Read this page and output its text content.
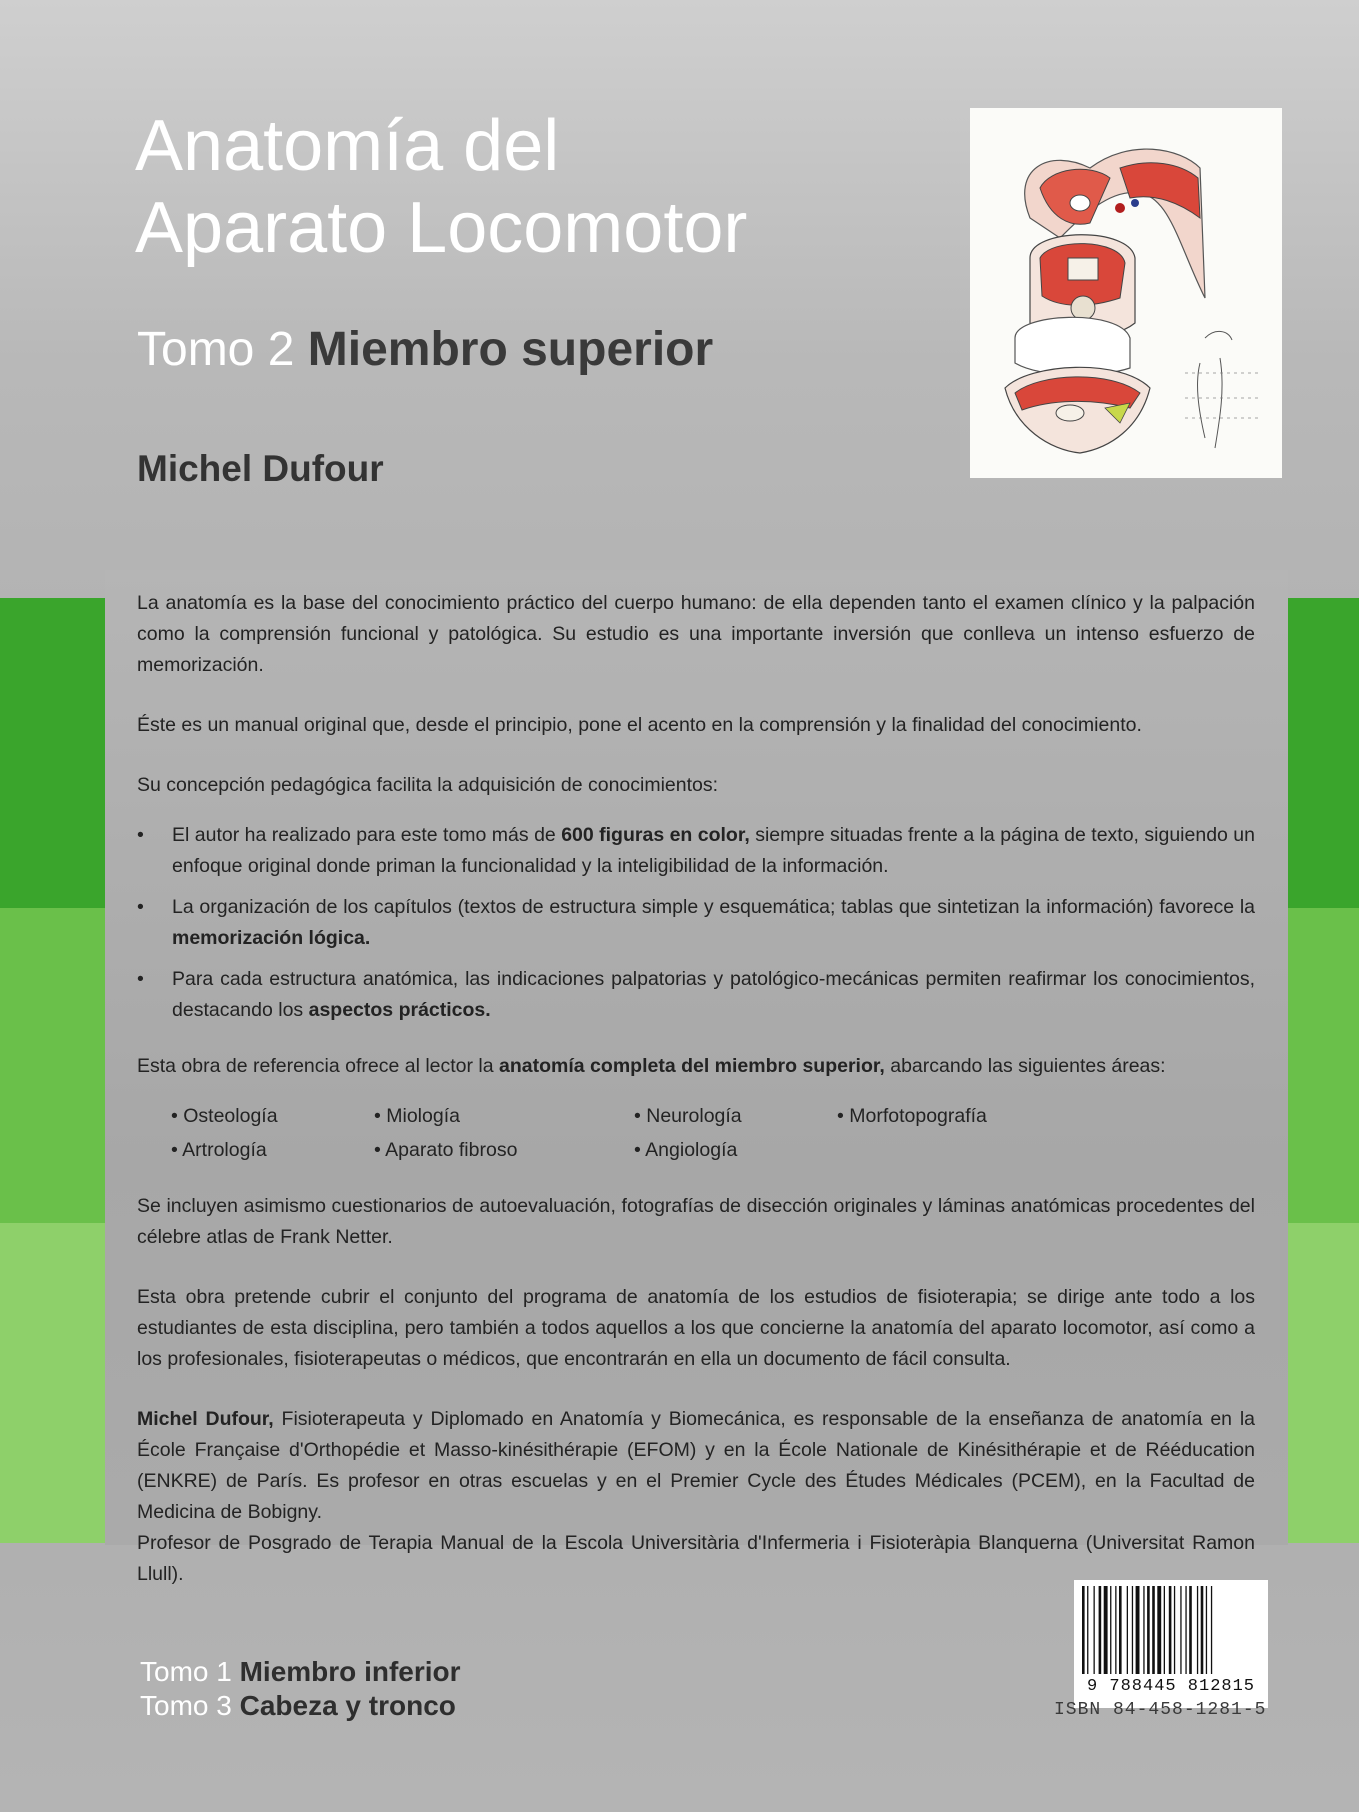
Anatomía del
Aparato Locomotor
Tomo 2 Miembro superior
Michel Dufour

La anatomía es la base del conocimiento práctico del cuerpo humano: de ella dependen tanto el examen clínico y la palpación como la comprensión funcional y patológica. Su estudio es una importante inversión que conlleva un intenso esfuerzo de memorización.

Éste es un manual original que, desde el principio, pone el acento en la comprensión y la finalidad del conocimiento.

Su concepción pedagógica facilita la adquisición de conocimientos:

• El autor ha realizado para este tomo más de 600 figuras en color, siempre situadas frente a la página de texto, siguiendo un enfoque original donde priman la funcionalidad y la inteligibilidad de la información.
• La organización de los capítulos (textos de estructura simple y esquemática; tablas que sintetizan la información) favorece la memorización lógica.
• Para cada estructura anatómica, las indicaciones palpatorias y patológico-mecánicas permiten reafirmar los conocimientos, destacando los aspectos prácticos.

Esta obra de referencia ofrece al lector la anatomía completa del miembro superior, abarcando las siguientes áreas:

• Osteología	• Miología	• Neurología	• Morfotopografía
• Artrología	• Aparato fibroso	• Angiología

Se incluyen asimismo cuestionarios de autoevaluación, fotografías de disección originales y láminas anatómicas procedentes del célebre atlas de Frank Netter.

Esta obra pretende cubrir el conjunto del programa de anatomía de los estudios de fisioterapia; se dirige ante todo a los estudiantes de esta disciplina, pero también a todos aquellos a los que concierne la anatomía del aparato locomotor, así como a los profesionales, fisioterapeutas o médicos, que encontrarán en ella un documento de fácil consulta.

Michel Dufour, Fisioterapeuta y Diplomado en Anatomía y Biomecánica, es responsable de la enseñanza de anatomía en la École Française d'Orthopédie et Masso-kinésithérapie (EFOM) y en la École Nationale de Kinésithérapie et de Rééducation (ENKRE) de París. Es profesor en otras escuelas y en el Premier Cycle des Études Médicales (PCEM), en la Facultad de Medicina de Bobigny.

Profesor de Posgrado de Terapia Manual de la Escola Universitària d'Infermeria i Fisioteràpia Blanquerna (Universitat Ramon Llull).

Tomo 1 Miembro inferior
Tomo 3 Cabeza y tronco
9 788445 812815
ISBN 84-458-1281-5
